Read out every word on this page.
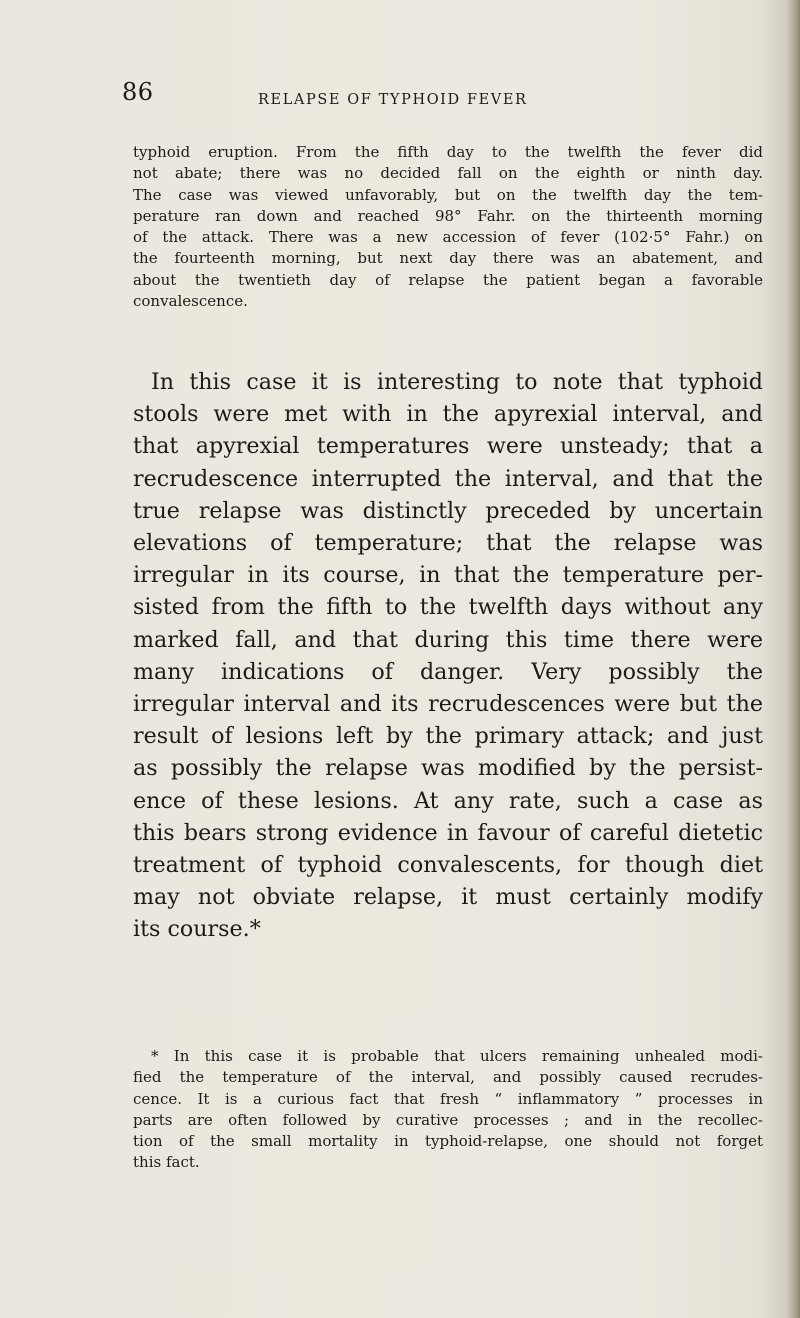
86	RELAPSE OF TYPHOID FEVER
typhoid eruption. From the fifth day to the twelfth the fever did
not abate; there was no decided fall on the eighth or ninth day.
The case was viewed unfavorably, but on the twelfth day the tem-
perature ran down and reached 98° Fahr. on the thirteenth morning
of the attack. There was a new accession of fever (102·5° Fahr.) on
the fourteenth morning, but next day there was an abatement, and
about the twentieth day of relapse the patient began a favorable
convalescence.
In this case it is interesting to note that typhoid
stools were met with in the apyrexial interval, and
that apyrexial temperatures were unsteady; that a
recrudescence interrupted the interval, and that the
true relapse was distinctly preceded by uncertain
elevations of temperature; that the relapse was
irregular in its course, in that the temperature per-
sisted from the fifth to the twelfth days without any
marked fall, and that during this time there were
many indications of danger. Very possibly the
irregular interval and its recrudescences were but the
result of lesions left by the primary attack; and just
as possibly the relapse was modified by the persist-
ence of these lesions. At any rate, such a case as
this bears strong evidence in favour of careful dietetic
treatment of typhoid convalescents, for though diet
may not obviate relapse, it must certainly modify
its course.*
* In this case it is probable that ulcers remaining unhealed modi-
fied the temperature of the interval, and possibly caused recrudes-
cence. It is a curious fact that fresh “ inflammatory ” processes in
parts are often followed by curative processes ; and in the recollec-
tion of the small mortality in typhoid-relapse, one should not forget
this fact.
